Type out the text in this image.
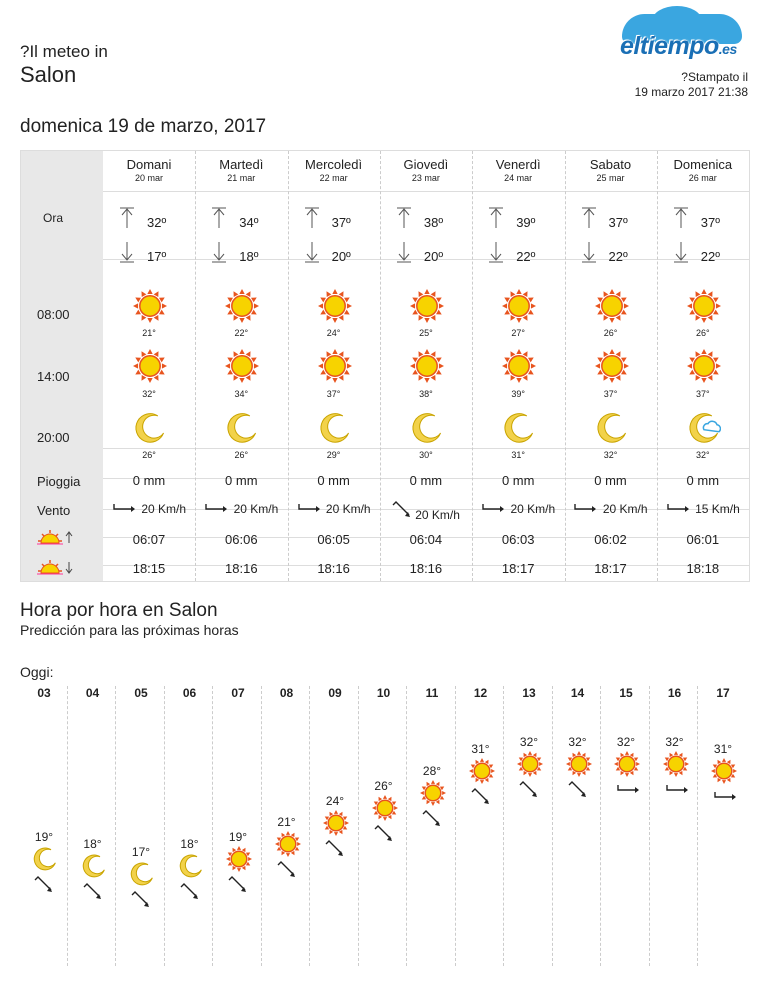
?Il meteo in
Salon
eltiempo.es
?Stampato il
19 marzo 2017 21:38
domenica 19 de marzo, 2017
Ora
08:00
14:00
20:00
Pioggia
Vento
Domani
20 mar
32º
17º
21°
32°
26°
0 mm
20 Km/h
06:07
18:15
Martedì
21 mar
34º
18º
22°
34°
26°
0 mm
20 Km/h
06:06
18:16
Mercoledì
22 mar
37º
20º
24°
37°
29°
0 mm
20 Km/h
06:05
18:16
Giovedì
23 mar
38º
20º
25°
38°
30°
0 mm
20 Km/h
06:04
18:16
Venerdì
24 mar
39º
22º
27°
39°
31°
0 mm
20 Km/h
06:03
18:17
Sabato
25 mar
37º
22º
26°
37°
32°
0 mm
20 Km/h
06:02
18:17
Domenica
26 mar
37º
22º
26°
37°
32°
0 mm
15 Km/h
06:01
18:18
Hora por hora en Salon
Predicción para las próximas horas
Oggi:
03
19°
04
18°
05
17°
06
18°
07
19°
08
21°
09
24°
10
26°
11
28°
12
31°
13
32°
14
32°
15
32°
16
32°
17
31°
